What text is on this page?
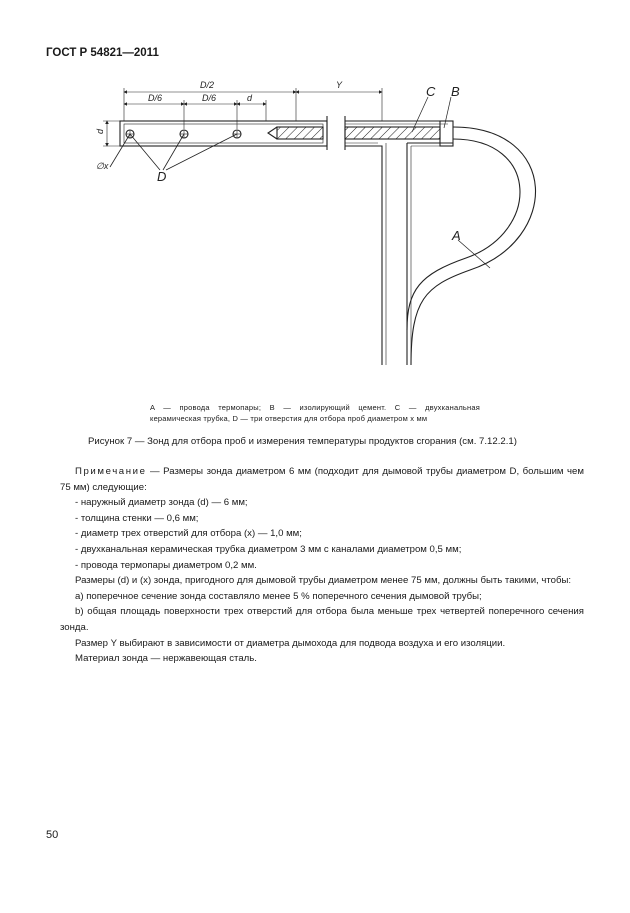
ГОСТ Р 54821—2011
D/2	Y
D/6	D/6	d
d
∅x
D
C B
A
A — провода термопары; B — изолирующий цемент. C — двухканальная
керамическая трубка, D — три отверстия для отбора проб диаметром x мм
Рисунок 7 — Зонд для отбора проб и измерения температуры продуктов сгорания (см. 7.12.2.1)

Примечание — Размеры зонда диаметром 6 мм (подходит для дымовой трубы диаметром D, большим чем 75 мм) следующие:

- наружный диаметр зонда (d) — 6 мм;

- толщина стенки — 0,6 мм;

- диаметр трех отверстий для отбора (x) — 1,0 мм;

- двухканальная керамическая трубка диаметром 3 мм с каналами диаметром 0,5 мм;

- провода термопары диаметром 0,2 мм.

Размеры (d) и (x) зонда, пригодного для дымовой трубы диаметром менее 75 мм, должны быть такими, чтобы:

a) поперечное сечение зонда составляло менее 5 % поперечного сечения дымовой трубы;

b) общая площадь поверхности трех отверстий для отбора была меньше трех четвертей поперечного сечения зонда.

Размер Y выбирают в зависимости от диаметра дымохода для подвода воздуха и его изоляции.

Материал зонда — нержавеющая сталь.

50
